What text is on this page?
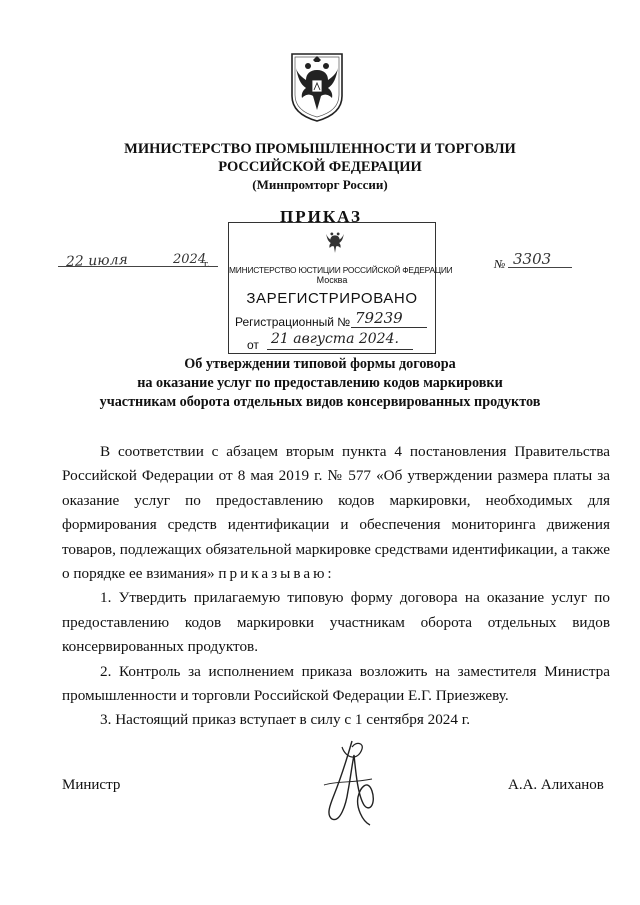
МИНИСТЕРСТВО ПРОМЫШЛЕННОСТИ И ТОРГОВЛИ
РОССИЙСКОЙ ФЕДЕРАЦИИ
(Минпромторг России)
ПРИКАЗ
22 июля	2024
г.	№ 3303
МИНИСТЕРСТВО ЮСТИЦИИ РОССИЙСКОЙ ФЕДЕРАЦИИ
Москва
ЗАРЕГИСТРИРОВАНО
Регистрационный № 79239
от 21 августа 2024.
Об утверждении типовой формы договора
на оказание услуг по предоставлению кодов маркировки
участникам оборота отдельных видов консервированных продуктов

В соответствии с абзацем вторым пункта 4 постановления Правительства Российской Федерации от 8 мая 2019 г. № 577 «Об утверждении размера платы за оказание услуг по предоставлению кодов маркировки, необходимых для формирования средств идентификации и обеспечения мониторинга движения товаров, подлежащих обязательной маркировке средствами идентификации, а также о порядке ее взимания» приказываю:

1. Утвердить прилагаемую типовую форму договора на оказание услуг по предоставлению кодов маркировки участникам оборота отдельных видов консервированных продуктов.

2. Контроль за исполнением приказа возложить на заместителя Министра промышленности и торговли Российской Федерации Е.Г. Приезжеву.

3. Настоящий приказ вступает в силу с 1 сентября 2024 г.

Министр	А.А. Алиханов
